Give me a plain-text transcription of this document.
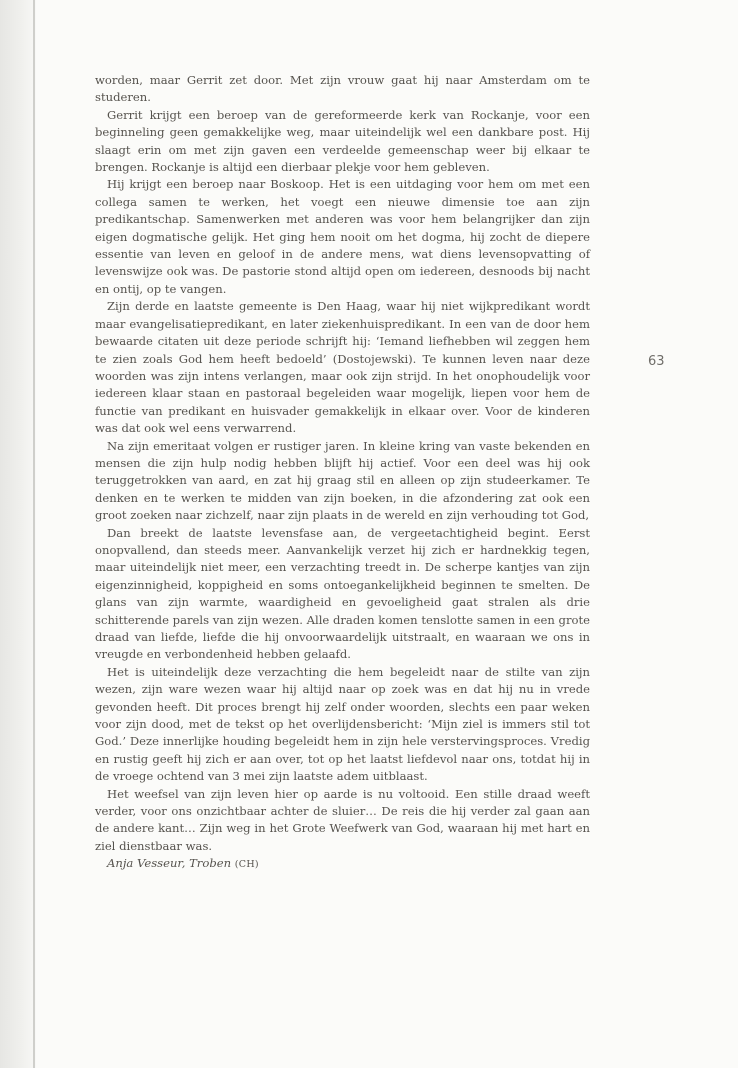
worden, maar Gerrit zet door. Met zijn vrouw gaat hij naar Amsterdam om te studeren.

Gerrit krijgt een beroep van de gereformeerde kerk van Rockanje, voor een beginneling geen gemakkelijke weg, maar uiteindelijk wel een dankbare post. Hij slaagt erin om met zijn gaven een verdeelde gemeenschap weer bij elkaar te brengen. Rockanje is altijd een dierbaar plekje voor hem gebleven.

Hij krijgt een beroep naar Boskoop. Het is een uitdaging voor hem om met een collega samen te werken, het voegt een nieuwe dimensie toe aan zijn predikantschap. Samenwerken met anderen was voor hem belangrijker dan zijn eigen dogmatische gelijk. Het ging hem nooit om het dogma, hij zocht de diepere essentie van leven en geloof in de andere mens, wat diens levensopvatting of levenswijze ook was. De pastorie stond altijd open om iedereen, desnoods bij nacht en ontij, op te vangen.

Zijn derde en laatste gemeente is Den Haag, waar hij niet wijkpredikant wordt maar evangelisatiepredikant, en later ziekenhuispredikant. In een van de door hem bewaarde citaten uit deze periode schrijft hij: ‘Iemand liefhebben wil zeggen hem te zien zoals God hem heeft bedoeld’ (Dostojewski). Te kunnen leven naar deze woorden was zijn intens verlangen, maar ook zijn strijd. In het onophoudelijk voor iedereen klaar staan en pastoraal begeleiden waar mogelijk, liepen voor hem de functie van predikant en huisvader gemakkelijk in elkaar over. Voor de kinderen was dat ook wel eens verwarrend.

Na zijn emeritaat volgen er rustiger jaren. In kleine kring van vaste bekenden en mensen die zijn hulp nodig hebben blijft hij actief. Voor een deel was hij ook teruggetrokken van aard, en zat hij graag stil en alleen op zijn studeerkamer. Te denken en te werken te midden van zijn boeken, in die afzondering zat ook een groot zoeken naar zichzelf, naar zijn plaats in de wereld en zijn verhouding tot God,

Dan breekt de laatste levensfase aan, de vergeetachtigheid begint. Eerst onopvallend, dan steeds meer. Aanvankelijk verzet hij zich er hardnekkig tegen, maar uiteindelijk niet meer, een verzachting treedt in. De scherpe kantjes van zijn eigenzinnigheid, koppigheid en soms ontoegankelijkheid beginnen te smelten. De glans van zijn warmte, waardigheid en gevoeligheid gaat stralen als drie schitterende parels van zijn wezen. Alle draden komen tenslotte samen in een grote draad van liefde, liefde die hij onvoorwaardelijk uitstraalt, en waaraan we ons in vreugde en verbondenheid hebben gelaafd.

Het is uiteindelijk deze verzachting die hem begeleidt naar de stilte van zijn wezen, zijn ware wezen waar hij altijd naar op zoek was en dat hij nu in vrede gevonden heeft. Dit proces brengt hij zelf onder woorden, slechts een paar weken voor zijn dood, met de tekst op het overlijdensbericht: ‘Mijn ziel is immers stil tot God.’ Deze innerlijke houding begeleidt hem in zijn hele verstervingsproces. Vredig en rustig geeft hij zich er aan over, tot op het laatst liefdevol naar ons, totdat hij in de vroege ochtend van 3 mei zijn laatste adem uitblaast.

Het weefsel van zijn leven hier op aarde is nu voltooid. Een stille draad weeft verder, voor ons onzichtbaar achter de sluier… De reis die hij verder zal gaan aan de andere kant… Zijn weg in het Grote Weefwerk van God, waaraan hij met hart en ziel dienstbaar was.

Anja Vesseur, Troben (CH)

63
